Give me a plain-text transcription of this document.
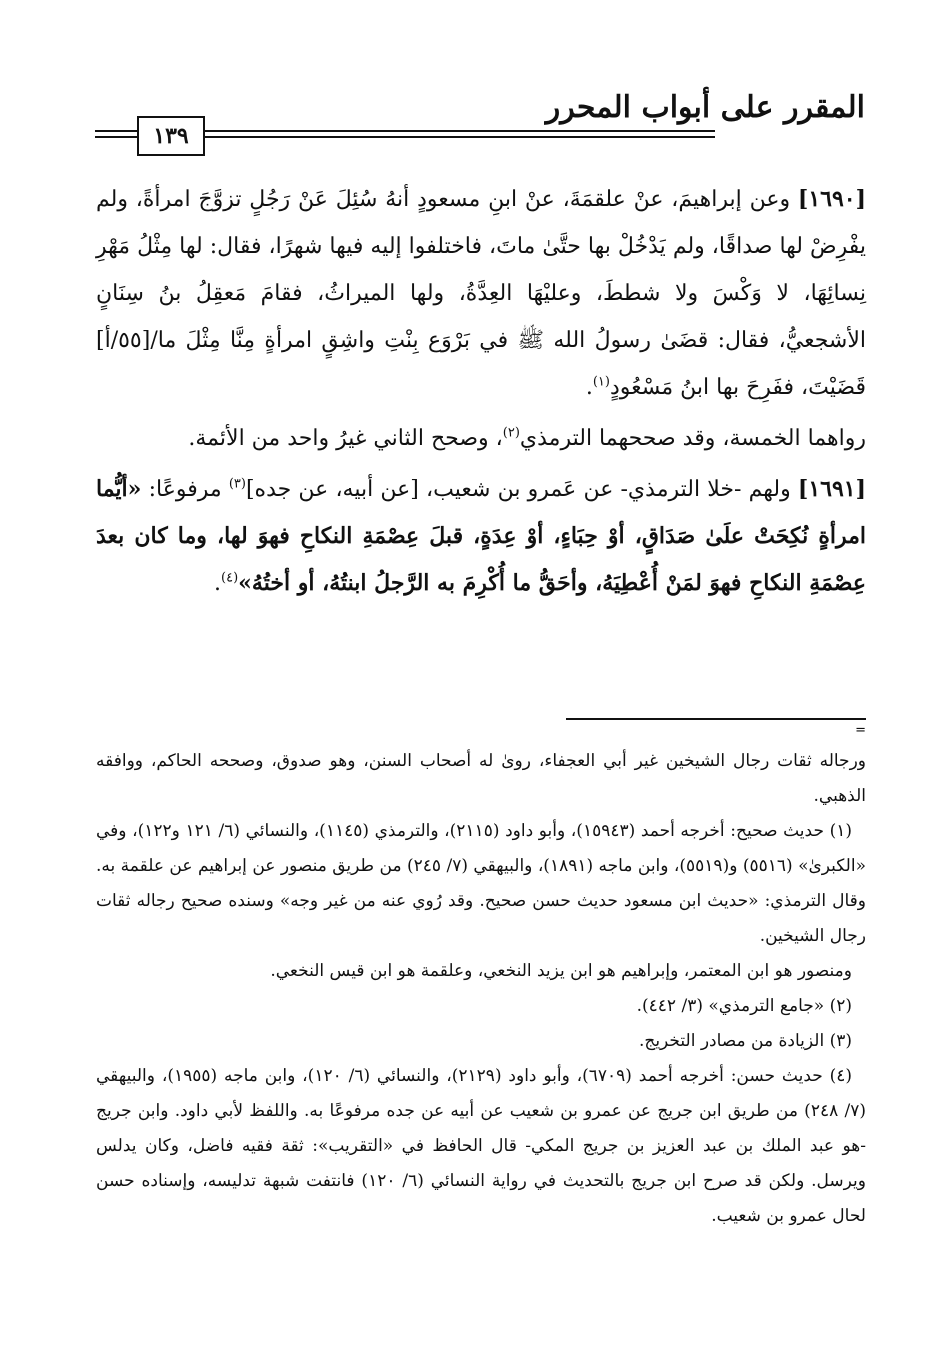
المقرر على أبواب المحرر
١٣٩

[١٦٩٠] وعن إبراهيمَ، عنْ علقمَةَ، عنْ ابنِ مسعودٍ أنهُ سُئِلَ عَنْ رَجُلٍ تزوَّجَ امرأةً، ولم يفْرِضْ لها صداقًا، ولم يَدْخُلْ بها حتَّىٰ ماتَ، فاختلفوا إليه فيها شهرًا، فقال: لها مِثْلُ مَهْرِ نِسائِهَا، لا وَكْسَ ولا شططَ، وعليْهَا العِدَّةُ، ولها الميراثُ، فقامَ مَعقِلُ بنُ سِنَانٍ الأشجعيُّ، فقال: قضَىٰ رسولُ الله ﷺ في بَرْوَع بِنْتِ واشِقٍ امرأةٍ مِنَّا مِثْلَ ما/[٥٥/أ] قَضَيْتَ، ففَرِحَ بها ابنُ مَسْعُودٍ$^{(١)}$.

رواهما الخمسة، وقد صححهما الترمذي$^{(٢)}$، وصحح الثاني غيرُ واحد من الأئمة.

[١٦٩١] ولهم -خلا الترمذي- عن عَمرو بن شعيب، [عن أبيه، عن جده]$^{(٣)}$ مرفوعًا: «أيُّما امرأةٍ نُكِحَتْ علَىٰ صَدَاقٍ، أوْ حِبَاءٍ، أوْ عِدَةٍ، قبلَ عِصْمَةِ النكاحِ فهوَ لها، وما كان بعدَ عِصْمَةِ النكاحِ فهوَ لمَنْ أُعْطِيَهُ، وأحَقُّ ما أُكْرِمَ به الرَّجلُ ابنتُهُ، أو أختُهُ»$^{(٤)}$.

=

ورجاله ثقات رجال الشيخين غير أبي العجفاء، روىٰ له أصحاب السنن، وهو صدوق، وصححه الحاكم، ووافقه الذهبي.

(١) حديث صحيح: أخرجه أحمد (١٥٩٤٣)، وأبو داود (٢١١٥)، والترمذي (١١٤٥)، والنسائي (٦/ ١٢١ و١٢٢)، وفي «الكبرىٰ» (٥٥١٦) و(٥٥١٩)، وابن ماجه (١٨٩١)، والبيهقي (٧/ ٢٤٥) من طريق منصور عن إبراهيم عن علقمة به. وقال الترمذي: «حديث ابن مسعود حديث حسن صحيح. وقد رُوي عنه من غير وجه» وسنده صحيح رجاله ثقات رجال الشيخين.

ومنصور هو ابن المعتمر، وإبراهيم هو ابن يزيد النخعي، وعلقمة هو ابن قيس النخعي.

(٢) «جامع الترمذي» (٣/ ٤٤٢).

(٣) الزيادة من مصادر التخريج.

(٤) حديث حسن: أخرجه أحمد (٦٧٠٩)، وأبو داود (٢١٢٩)، والنسائي (٦/ ١٢٠)، وابن ماجه (١٩٥٥)، والبيهقي (٧/ ٢٤٨) من طريق ابن جريج عن عمرو بن شعيب عن أبيه عن جده مرفوعًا به. واللفظ لأبي داود. وابن جريج -هو عبد الملك بن عبد العزيز بن جريج المكي- قال الحافظ في «التقريب»: ثقة فقيه فاضل، وكان يدلس ويرسل. ولكن قد صرح ابن جريج بالتحديث في رواية النسائي (٦/ ١٢٠) فانتفت شبهة تدليسه، وإسناده حسن لحال عمرو بن شعيب.
